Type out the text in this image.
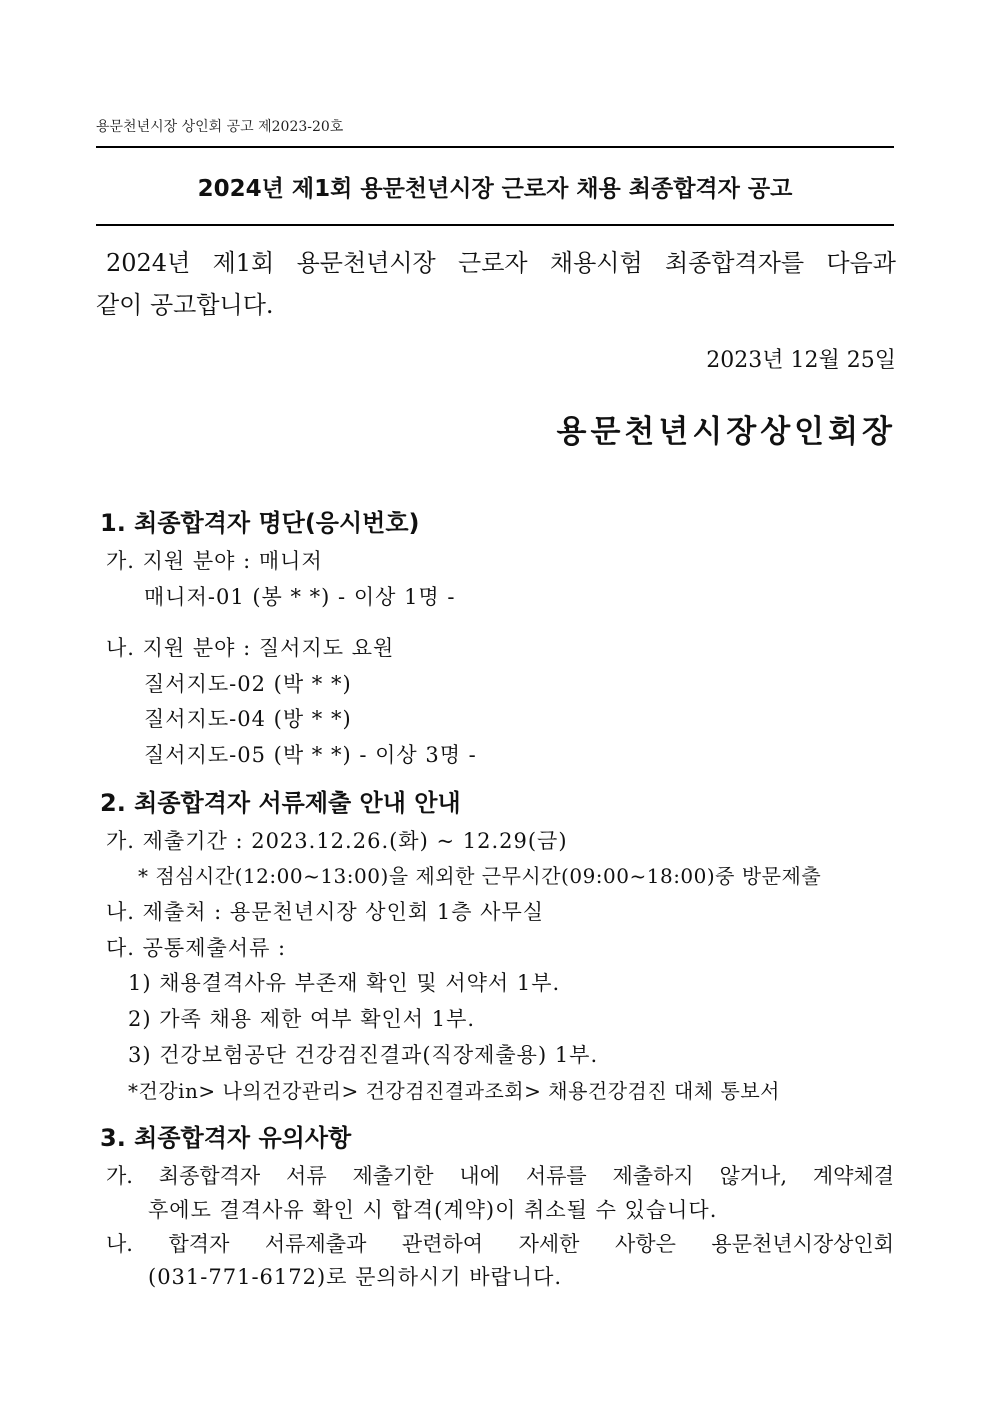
용문천년시장 상인회 공고 제2023-20호
2024년 제1회 용문천년시장 근로자 채용 최종합격자 공고
2024년 제1회 용문천년시장 근로자 채용시험 최종합격자를 다음과
같이 공고합니다.
2023년 12월 25일
용문천년시장상인회장
1. 최종합격자 명단(응시번호)
가. 지원 분야 : 매니저
매니저-01 (봉 * *) - 이상 1명 -
나. 지원 분야 : 질서지도 요원
질서지도-02 (박 * *)
질서지도-04 (방 * *)
질서지도-05 (박 * *) - 이상 3명 -
2. 최종합격자 서류제출 안내 안내
가. 제출기간 : 2023.12.26.(화) ~ 12.29(금)
* 점심시간(12:00~13:00)을 제외한 근무시간(09:00~18:00)중 방문제출
나. 제출처 : 용문천년시장 상인회 1층 사무실
다. 공통제출서류 :
1) 채용결격사유 부존재 확인 및 서약서 1부.
2) 가족 채용 제한 여부 확인서 1부.
3) 건강보험공단 건강검진결과(직장제출용) 1부.
*건강in> 나의건강관리> 건강검진결과조회> 채용건강검진 대체 통보서
3. 최종합격자 유의사항
가. 최종합격자 서류 제출기한 내에 서류를 제출하지 않거나, 계약체결
후에도 결격사유 확인 시 합격(계약)이 취소될 수 있습니다.
나. 합격자 서류제출과 관련하여 자세한 사항은 용문천년시장상인회
(031-771-6172)로 문의하시기 바랍니다.
